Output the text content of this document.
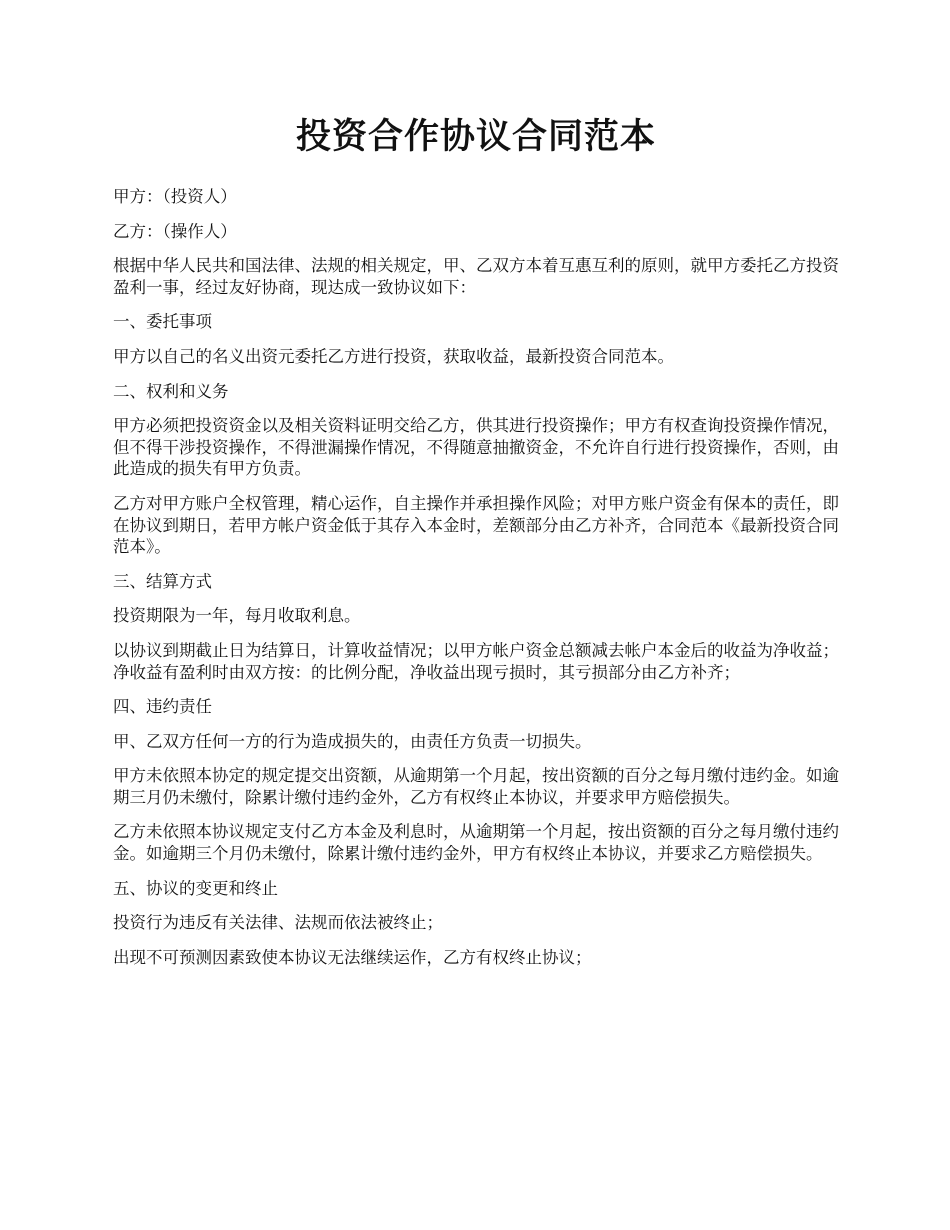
投资合作协议合同范本

甲方：（投资人）

乙方：（操作人）

根据中华人民共和国法律、法规的相关规定，甲、乙双方本着互惠互利的原则，就甲方委托乙方投资盈利一事，经过友好协商，现达成一致协议如下：

一、委托事项

甲方以自己的名义出资元委托乙方进行投资，获取收益，最新投资合同范本。

二、权利和义务

甲方必须把投资资金以及相关资料证明交给乙方，供其进行投资操作；甲方有权查询投资操作情况，但不得干涉投资操作，不得泄漏操作情况，不得随意抽撤资金，不允许自行进行投资操作，否则，由此造成的损失有甲方负责。

乙方对甲方账户全权管理，精心运作，自主操作并承担操作风险；对甲方账户资金有保本的责任，即在协议到期日，若甲方帐户资金低于其存入本金时，差额部分由乙方补齐，合同范本《最新投资合同范本》。

三、结算方式

投资期限为一年，每月收取利息。

以协议到期截止日为结算日，计算收益情况；以甲方帐户资金总额减去帐户本金后的收益为净收益；净收益有盈利时由双方按：的比例分配，净收益出现亏损时，其亏损部分由乙方补齐；

四、违约责任

甲、乙双方任何一方的行为造成损失的，由责任方负责一切损失。

甲方未依照本协定的规定提交出资额，从逾期第一个月起，按出资额的百分之每月缴付违约金。如逾期三月仍未缴付，除累计缴付违约金外，乙方有权终止本协议，并要求甲方赔偿损失。

乙方未依照本协议规定支付乙方本金及利息时，从逾期第一个月起，按出资额的百分之每月缴付违约金。如逾期三个月仍未缴付，除累计缴付违约金外，甲方有权终止本协议，并要求乙方赔偿损失。

五、协议的变更和终止

投资行为违反有关法律、法规而依法被终止；

出现不可预测因素致使本协议无法继续运作，乙方有权终止协议；
